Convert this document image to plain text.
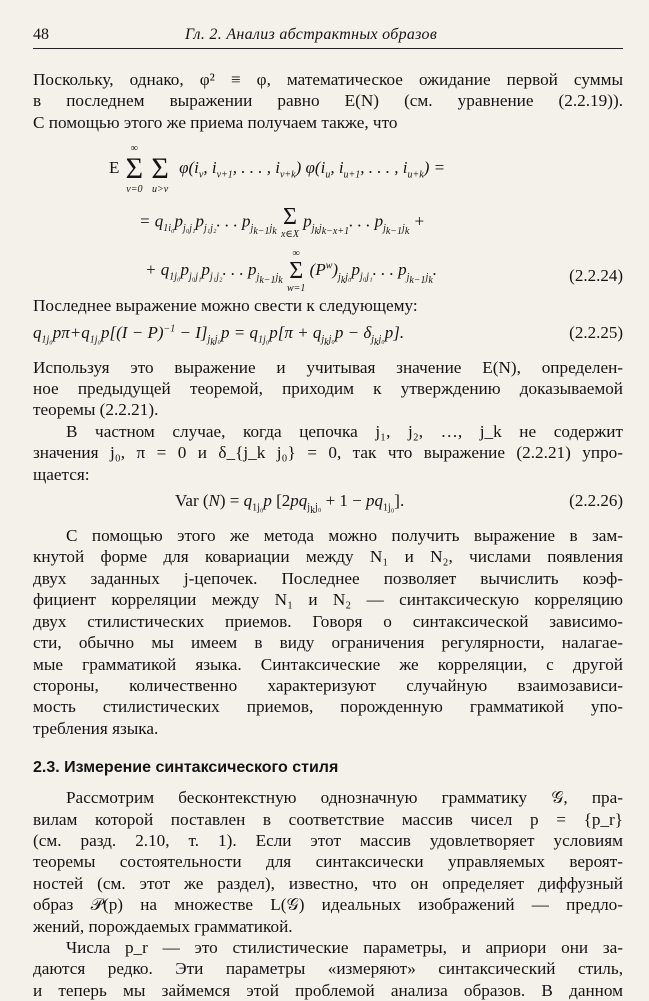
48	Гл. 2. Анализ абстрактных образов
Поскольку, однако, φ² ≡ φ, математическое ожидание первой суммы
в последнем выражении равно E(N) (см. уравнение (2.2.19)).
С помощью этого же приема получаем также, что
E
∞
Σ
v=0

Σ
u>v
$\varphi(i_v$, $i_{v+1}$, . . . , $i_{v+k}$) $\varphi(i_u$, $i_{u+1}$, . . . , $i_{u+k}$) =
= $q_{1i_0}p_{j_0j_1}p_{j_1j_2}$. . . $p_{j_{k-1}j_k}$ Σ
x∈X
$p_{j_kj_{k-x+1}}$. . . $p_{j_{k-1}j_k}$ +
+ $q_{1j_0}p_{j_0j_1}p_{j_1j_2}$. . . $p_{j_{k-1}j_k}$
∞
Σ
w=1
$(P^w)_{j_kj_0}p_{j_0j_1}$. . . $p_{j_{k-1}j_k}$.	(2.2.24)
Последнее выражение можно свести к следующему:
$q_{1j_0}p\pi+q_{1j_0}p[(I - P)^{-1} - I]_{j_kj_0}p = q_{1j_0}p[\pi + q_{j_kj_0}p - \delta_{j_kj_0}p]$.	(2.2.25)
Используя это выражение и учитывая значение E(N), определен-
ное предыдущей теоремой, приходим к утверждению доказываемой
теоремы (2.2.21).
В частном случае, когда цепочка j₁, j₂, …, j_k не содержит
значения j₀, π = 0 и δ_{j_k j₀} = 0, так что выражение (2.2.21) упро-
щается:
Var $(N) = q_{1j_0}p$ $[2pq_{j_kj_0} + 1 - pq_{1j_0}]$.	(2.2.26)
С помощью этого же метода можно получить выражение в зам-
кнутой форме для ковариации между N₁ и N₂, числами появления
двух заданных j-цепочек. Последнее позволяет вычислить коэф-
фициент корреляции между N₁ и N₂ — синтаксическую корреляцию
двух стилистических приемов. Говоря о синтаксической зависимо-
сти, обычно мы имеем в виду ограничения регулярности, налагае-
мые грамматикой языка. Синтаксические же корреляции, с другой
стороны, количественно характеризуют случайную взаимозависи-
мость стилистических приемов, порожденную грамматикой упо-
требления языка.
2.3. Измерение синтаксического стиля
Рассмотрим бесконтекстную однозначную грамматику 𝒢, пра-
вилам которой поставлен в соответствие массив чисел p = {p_r}
(см. разд. 2.10, т. 1). Если этот массив удовлетворяет условиям
теоремы состоятельности для синтаксически управляемых вероят-
ностей (см. этот же раздел), известно, что он определяет диффузный
образ 𝒫(p) на множестве L(𝒢) идеальных изображений — предло-
жений, порождаемых грамматикой.
Числа p_r — это стилистические параметры, и априори они за-
даются редко. Эти параметры «измеряют» синтаксический стиль,
и теперь мы займемся этой проблемой анализа образов. В данном
